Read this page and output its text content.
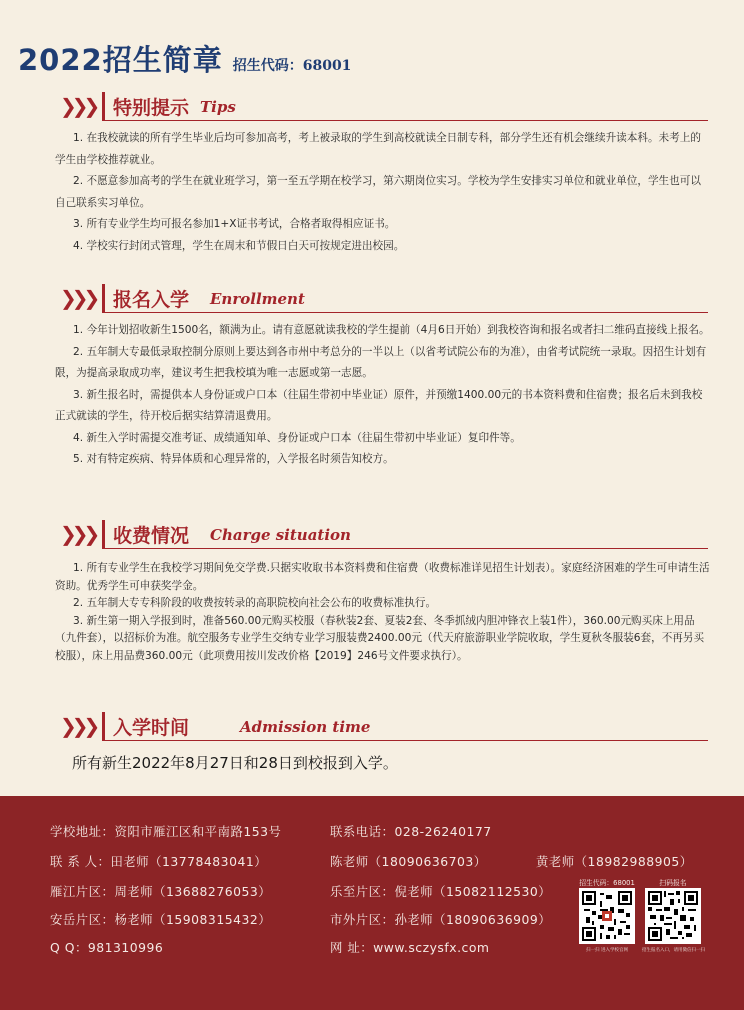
2022招生简章 招生代码：68001
❯❯❯ 特别提示 Tips

1. 在我校就读的所有学生毕业后均可参加高考，考上被录取的学生到高校就读全日制专科，部分学生还有机会继续升读本科。未考上的学生由学校推荐就业。

2. 不愿意参加高考的学生在就业班学习，第一至五学期在校学习，第六期岗位实习。学校为学生安排实习单位和就业单位，学生也可以自己联系实习单位。

3. 所有专业学生均可报名参加1+X证书考试，合格者取得相应证书。

4. 学校实行封闭式管理，学生在周末和节假日白天可按规定进出校园。

❯❯❯ 报名入学 Enrollment

1. 今年计划招收新生1500名，额满为止。请有意愿就读我校的学生提前（4月6日开始）到我校咨询和报名或者扫二维码直接线上报名。

2. 五年制大专最低录取控制分原则上要达到各市州中考总分的一半以上（以省考试院公布的为准），由省考试院统一录取。因招生计划有限，为提高录取成功率，建议考生把我校填为唯一志愿或第一志愿。

3. 新生报名时，需提供本人身份证或户口本（往届生带初中毕业证）原件，并预缴1400.00元的书本资料费和住宿费；报名后未到我校正式就读的学生，待开校后据实结算清退费用。

4. 新生入学时需提交准考证、成绩通知单、身份证或户口本（往届生带初中毕业证）复印件等。

5. 对有特定疾病、特异体质和心理异常的，入学报名时须告知校方。

❯❯❯ 收费情况 Charge situation

1. 所有专业学生在我校学习期间免交学费.只据实收取书本资料费和住宿费（收费标准详见招生计划表）。家庭经济困难的学生可申请生活资助。优秀学生可申获奖学金。

2. 五年制大专专科阶段的收费按转录的高职院校向社会公布的收费标准执行。

3. 新生第一期入学报到时，准备560.00元购买校服（春秋装2套、夏装2套、冬季抓绒内胆冲锋衣上装1件），360.00元购买床上用品（九件套），以招标价为准。航空服务专业学生交纳专业学习服装费2400.00元（代天府旅游职业学院收取，学生夏秋冬服装6套，不再另买校服），床上用品费360.00元（此项费用按川发改价格【2019】246号文件要求执行）。

❯❯❯ 入学时间	Admission time
所有新生2022年8月27日和28日到校报到入学。
学校地址：资阳市雁江区和平南路153号	联系电话：028-26240177
联 系 人：田老师（13778483041）	陈老师（18090636703）	黄老师（18982988905）
雁江片区：周老师（13688276053）	乐至片区：倪老师（15082112530）
安岳片区：杨老师（15908315432）	市外片区：孙老师（18090636909）
Q Q：981310996	网 址：www.sczysfx.com
招生代码：68001
扫一扫 进入学校官网
扫码报名
招生报名入口，请用微信扫一扫
